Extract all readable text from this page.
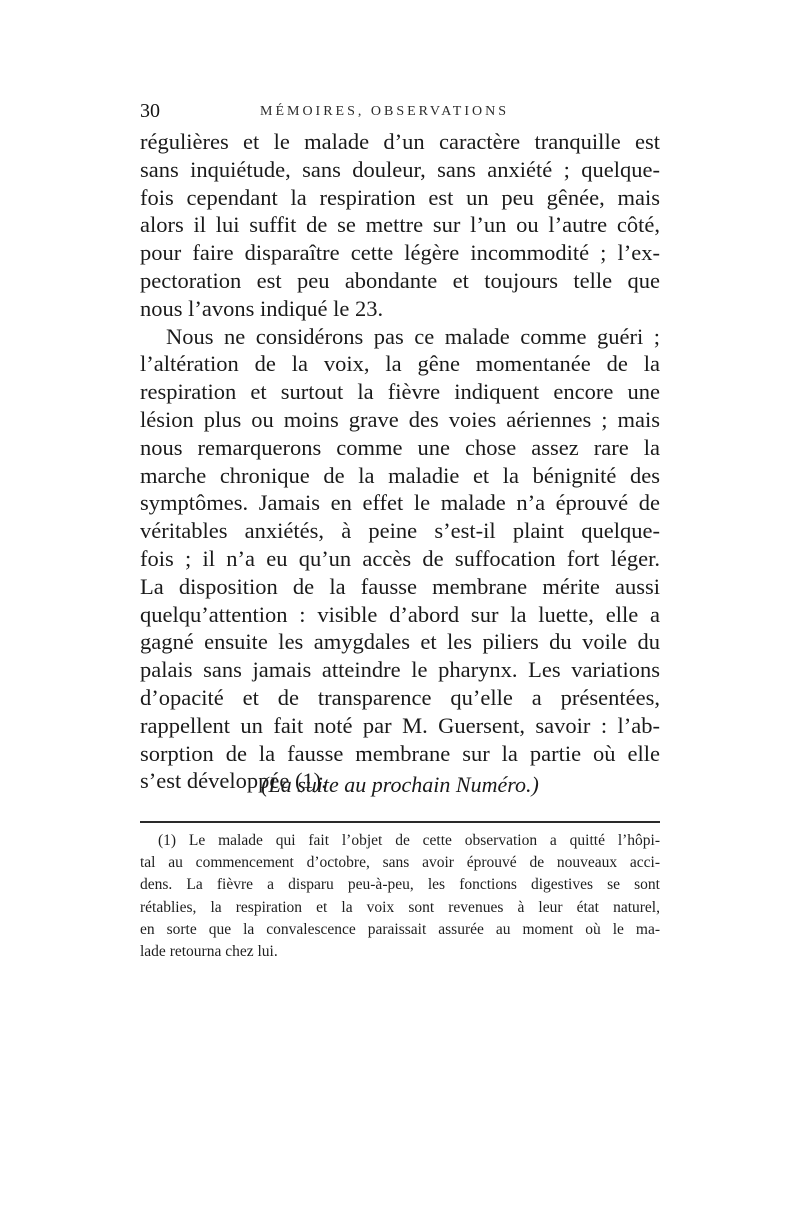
30	MÉMOIRES, OBSERVATIONS
régulières et le malade d’un caractère tranquille est
sans inquiétude, sans douleur, sans anxiété ; quelque-
fois cependant la respiration est un peu gênée, mais
alors il lui suffit de se mettre sur l’un ou l’autre côté,
pour faire disparaître cette légère incommodité ; l’ex-
pectoration est peu abondante et toujours telle que
nous l’avons indiqué le 23.
Nous ne considérons pas ce malade comme guéri ;
l’altération de la voix, la gêne momentanée de la
respiration et surtout la fièvre indiquent encore une
lésion plus ou moins grave des voies aériennes ; mais
nous remarquerons comme une chose assez rare la
marche chronique de la maladie et la bénignité des
symptômes. Jamais en effet le malade n’a éprouvé de
véritables anxiétés, à peine s’est-il plaint quelque-
fois ; il n’a eu qu’un accès de suffocation fort léger.
La disposition de la fausse membrane mérite aussi
quelqu’attention : visible d’abord sur la luette, elle a
gagné ensuite les amygdales et les piliers du voile du
palais sans jamais atteindre le pharynx. Les variations
d’opacité et de transparence qu’elle a présentées,
rappellent un fait noté par M. Guersent, savoir : l’ab-
sorption de la fausse membrane sur la partie où elle
s’est développée (1).
(La suite au prochain Numéro.)
(1) Le malade qui fait l’objet de cette observation a quitté l’hôpi-
tal au commencement d’octobre, sans avoir éprouvé de nouveaux acci-
dens. La fièvre a disparu peu-à-peu, les fonctions digestives se sont
rétablies, la respiration et la voix sont revenues à leur état naturel,
en sorte que la convalescence paraissait assurée au moment où le ma-
lade retourna chez lui.
